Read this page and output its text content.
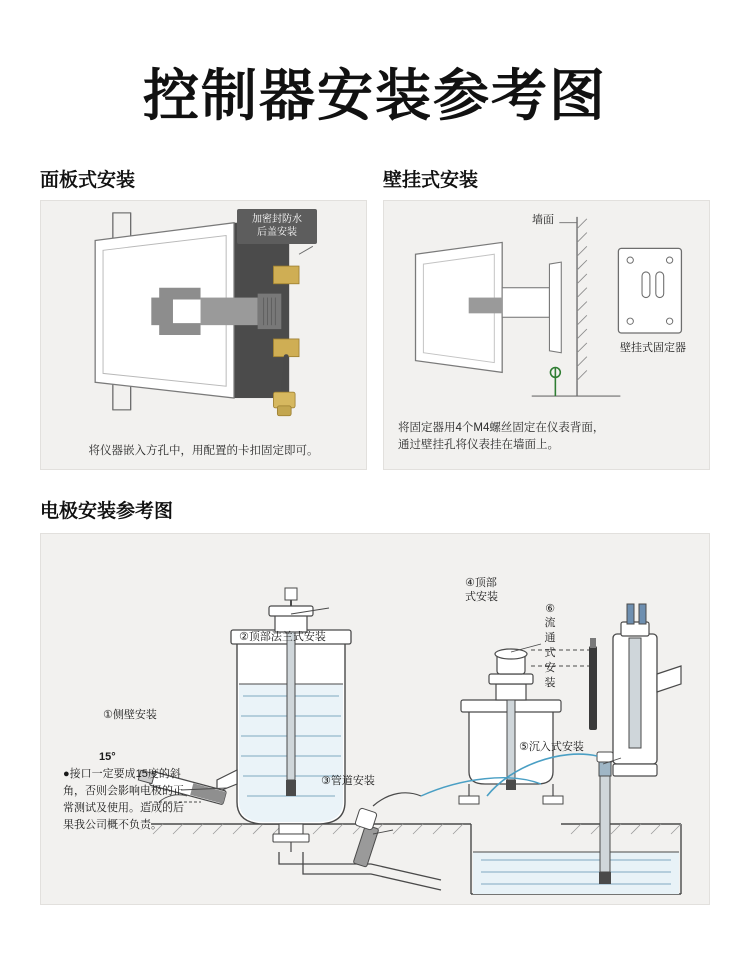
控制器安装参考图
面板式安装
加密封防水
后盖安装
将仪器嵌入方孔中，用配置的卡扣固定即可。
壁挂式安装
墙面
壁挂式固定器
将固定器用4个M4螺丝固定在仪表背面，
通过壁挂孔将仪表挂在墙面上。
电极安装参考图
①侧壁安装
15°
②顶部法兰式安装
③管道安装
④顶部
式安装
⑥流通式安装
⑤沉入式安装
●接口一定要成15度的斜角，否则会影响电极的正常测试及使用。造成的后果我公司概不负责。
